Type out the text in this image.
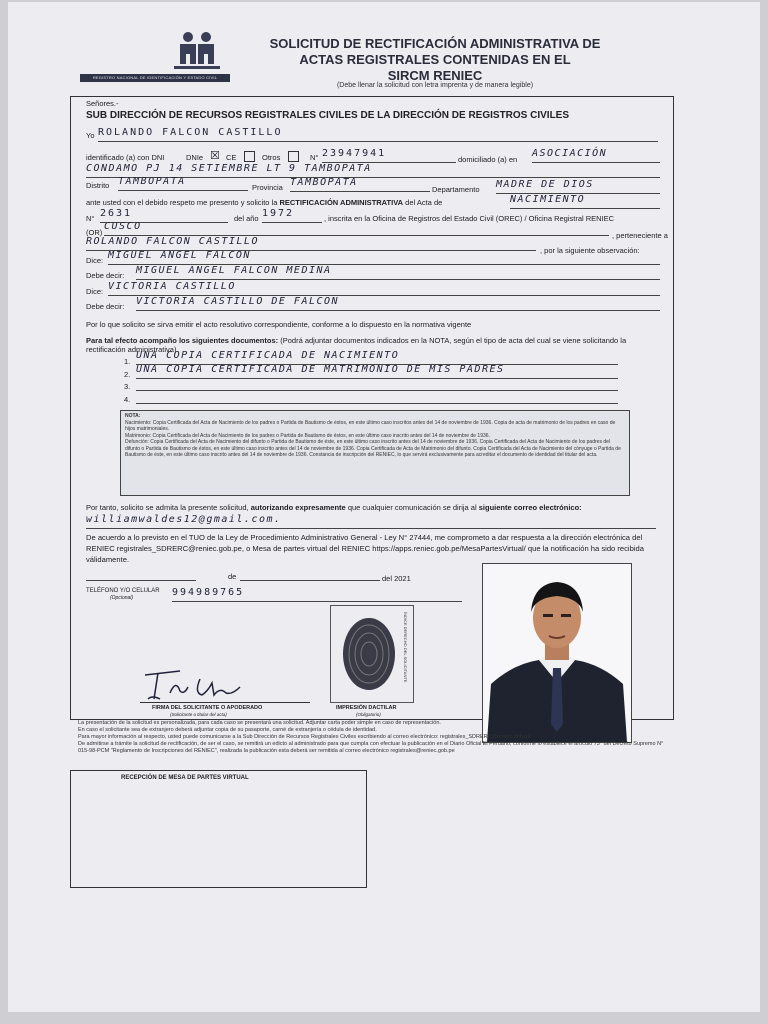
REGISTRO NACIONAL DE IDENTIFICACIÓN Y ESTADO CIVIL
SOLICITUD DE RECTIFICACIÓN ADMINISTRATIVA DE
ACTAS REGISTRALES CONTENIDAS EN EL
SIRCM RENIEC
(Debe llenar la solicitud con letra imprenta y de manera legible)
Señores.-
SUB DIRECCIÓN DE RECURSOS REGISTRALES CIVILES DE LA DIRECCIÓN DE REGISTROS CIVILES
Yo ROLANDO FALCON CASTILLO
identificado (a) con DNI	DNIe ☒ CE	Otros	N° 23947941
domiciliado (a) en
ASOCIACIÓN
CONDAMO PJ 14 SETIEMBRE LT 9 TAMBOPATA
Distrito TAMBOPATA
Provincia TAMBOPATA
Departamento MADRE DE DIOS
ante usted con el debido respeto me presento y solicito la RECTIFICACIÓN ADMINISTRATIVA del Acta de	NACIMIENTO
N° 2631	del año 1972	, inscrita en la Oficina de Registros del Estado Civil (OREC) / Oficina Registral RENIEC
(OR)
CUSCO
, perteneciente a
ROLANDO FALCON CASTILLO
, por la siguiente observación:
Dice: MIGUEL ANGEL FALCON
Debe decir: MIGUEL ANGEL FALCON MEDINA
Dice: VICTORIA CASTILLO
Debe decir: VICTORIA CASTILLO DE FALCON
Por lo que solicito se sirva emitir el acto resolutivo correspondiente, conforme a lo dispuesto en la normativa vigente
Para tal efecto acompaño los siguientes documentos: (Podrá adjuntar documentos indicados en la NOTA, según el tipo de acta del cual se viene solicitando la rectificación administrativa)
1.
UNA COPIA CERTIFICADA DE NACIMIENTO
2. UNA COPIA CERTIFICADA DE MATRIMONIO DE MIS PADRES
3.
4.
NOTA:
Nacimiento: Copia Certificada del Acta de Nacimiento de los padres o Partida de Bautismo de éstos, en este último caso inscritos antes del 14 de noviembre de 1936. Copia de acta de matrimonio de los padres en caso de hijos matrimoniales.
Matrimonio: Copia Certificada del Acta de Nacimiento de los padres o Partida de Bautismo de éstos, en este último caso inscrito antes del 14 de noviembre de 1936.
Defunción: Copia Certificada del Acta de Nacimiento del difunto o Partida de Bautismo de éste, en este último caso inscrito antes del 14 de noviembre de 1936. Copia Certificada del Acta de Nacimiento de los padres del difunto o Partida de Bautismo de éstos, en este último caso inscrito antes del 14 de noviembre de 1936. Copia Certificada de Acta de Matrimonio del difunto. Copia Certificada del Acta de Nacimiento del cónyuge o Partida de Bautismo de éste, en este último caso inscrito antes del 14 de noviembre de 1936. Constancia de inscripción del RENIEC, lo que servirá exclusivamente para acreditar el documento de identidad del titular del acta.
Por tanto, solicito se admita la presente solicitud, autorizando expresamente que cualquier comunicación se dirija al siguiente correo electrónico:
williamwaldes12@gmail.com.
De acuerdo a lo previsto en el TUO de la Ley de Procedimiento Administrativo General - Ley N° 27444, me comprometo a dar respuesta a la dirección electrónica del RENIEC registrales_SDRERC@reniec.gob.pe, o Mesa de partes virtual del RENIEC https://apps.reniec.gob.pe/MesaPartesVirtual/ que la notificación ha sido recibida válidamente.
de	del 2021
TELÉFONO Y/O CELULAR
(Opcional)	994989765
FIRMA DEL SOLICITANTE O APODERADO
(Solicitante o titular del acta)
ÍNDICE DERECHO DEL SOLICITANTE
IMPRESIÓN DACTILAR
(Obligatorio)
La presentación de la solicitud es personalizada, para cada caso se presentará una solicitud. Adjuntar carta poder simple en caso de representación.
En caso el solicitante sea de extranjero deberá adjuntar copia de su pasaporte, carné de extranjería o cédula de identidad.
Para mayor información al respecto, usted puede comunicarse a la Sub Dirección de Recursos Registrales Civiles escribiendo al correo electrónico: registrales_SDRERC@reniec.gob.pe
De admitirse a trámite la solicitud de rectificación, de ser el caso, se remitirá un edicto al administrado para que cumpla con efectuar la publicación en el Diario Oficial El Peruano, conforme lo establece el artículo 73° del Decreto Supremo N° 015-98-PCM "Reglamento de Inscripciones del RENIEC", realizada la publicación esta deberá ser remitida al correo electrónico registrales@reniec.gob.pe
RECEPCIÓN DE MESA DE PARTES VIRTUAL
